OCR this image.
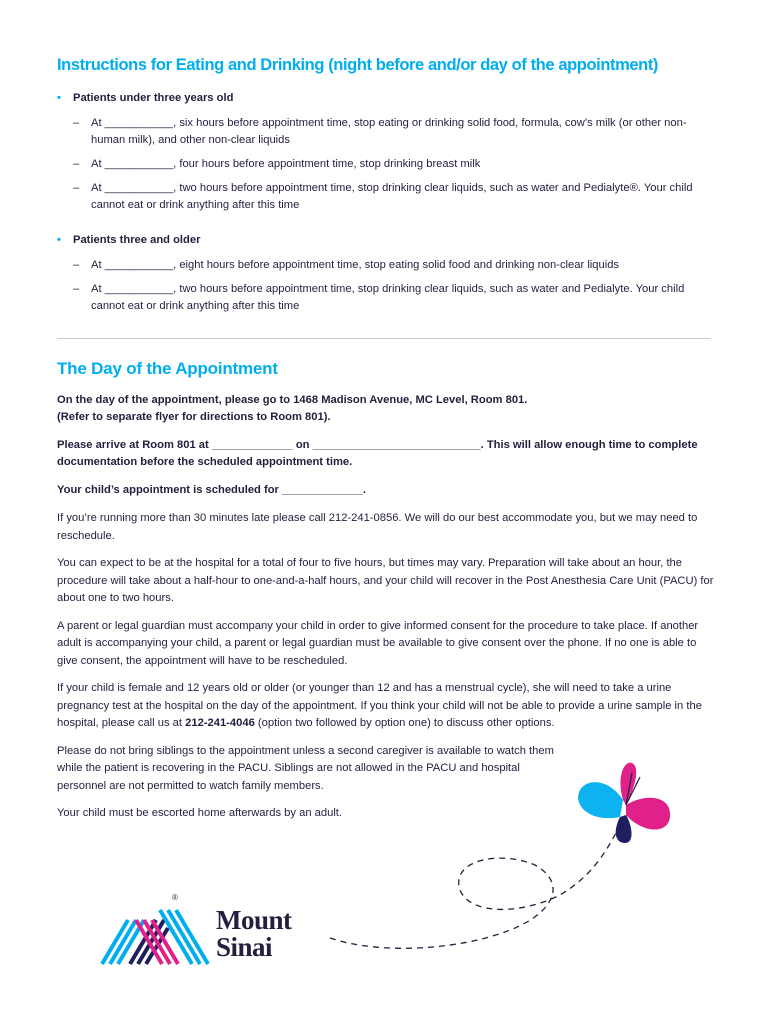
Instructions for Eating and Drinking (night before and/or day of the appointment)
• Patients under three years old
– At ___________, six hours before appointment time, stop eating or drinking solid food, formula, cow’s milk (or other non-human milk), and other non-clear liquids
– At ___________, four hours before appointment time, stop drinking breast milk
– At ___________, two hours before appointment time, stop drinking clear liquids, such as water and Pedialyte®. Your child cannot eat or drink anything after this time
• Patients three and older
– At ___________, eight hours before appointment time, stop eating solid food and drinking non-clear liquids
– At ___________, two hours before appointment time, stop drinking clear liquids, such as water and Pedialyte. Your child cannot eat or drink anything after this time
The Day of the Appointment

On the day of the appointment, please go to 1468 Madison Avenue, MC Level, Room 801.
(Refer to separate flyer for directions to Room 801).

Please arrive at Room 801 at _____________ on ___________________________. This will allow enough time to complete documentation before the scheduled appointment time.

Your child’s appointment is scheduled for _____________.

If you’re running more than 30 minutes late please call 212-241-0856. We will do our best accommodate you, but we may need to reschedule.

You can expect to be at the hospital for a total of four to five hours, but times may vary. Preparation will take about an hour, the procedure will take about a half-hour to one-and-a-half hours, and your child will recover in the Post Anesthesia Care Unit (PACU) for about one to two hours.

A parent or legal guardian must accompany your child in order to give informed consent for the procedure to take place. If another adult is accompanying your child, a parent or legal guardian must be available to give consent over the phone. If no one is able to give consent, the appointment will have to be rescheduled.

If your child is female and 12 years old or older (or younger than 12 and has a menstrual cycle), she will need to take a urine pregnancy test at the hospital on the day of the appointment. If you think your child will not be able to provide a urine sample in the hospital, please call us at 212-241-4046 (option two followed by option one) to discuss other options.

Please do not bring siblings to the appointment unless a second caregiver is available to watch them while the patient is recovering in the PACU. Siblings are not allowed in the PACU and hospital personnel are not permitted to watch family members.

Your child must be escorted home afterwards by an adult.

®
Mount
Sinai
